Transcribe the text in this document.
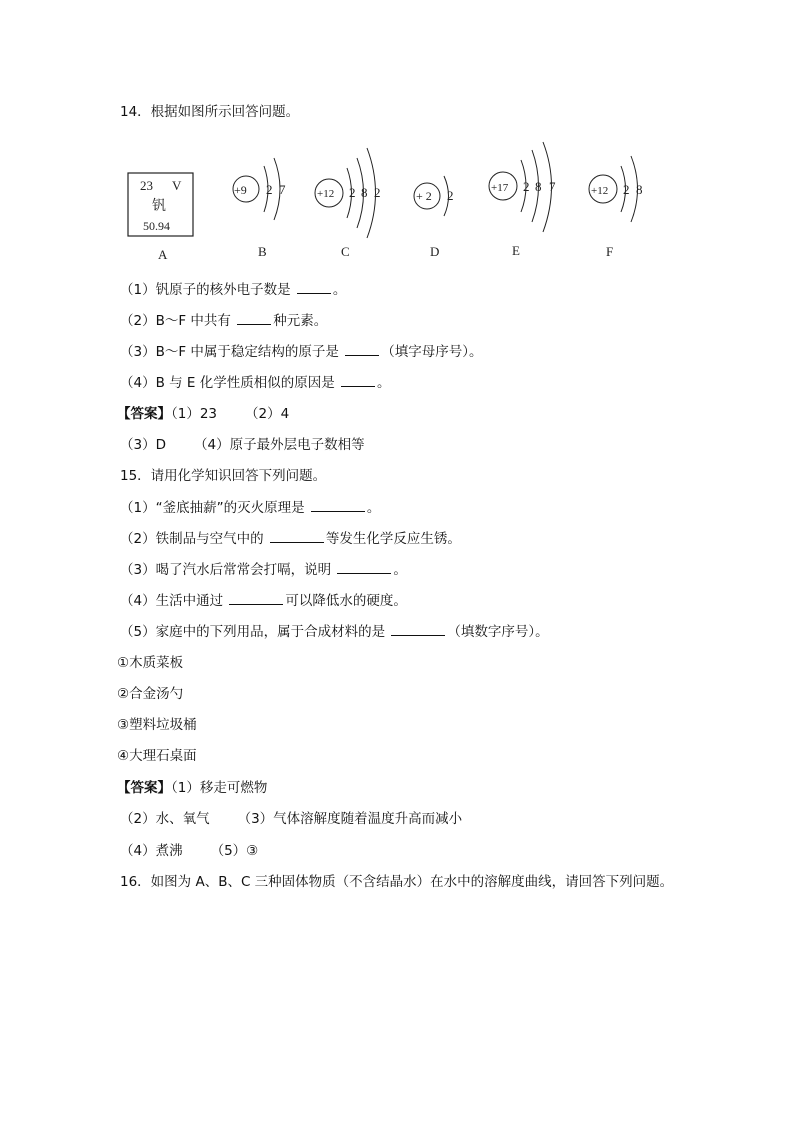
14．根据如图所示回答问题。
23 V
钒
50.94
A
+9 2 7
B
+12 2 8 2
C
+ 2 2
D
+17 2 8 7
E
+12 2 8
F
（1）钒原子的核外电子数是	。
（2）B～F 中共有	种元素。
（3）B～F 中属于稳定结构的原子是	（填字母序号）。
（4）B 与 E 化学性质相似的原因是	。
【答案】（1）23 （2）4
（3）D （4）原子最外层电子数相等
15．请用化学知识回答下列问题。
（1）“釜底抽薪”的灭火原理是	。
（2）铁制品与空气中的	等发生化学反应生锈。
（3）喝了汽水后常常会打嗝，说明	。
（4）生活中通过	可以降低水的硬度。
（5）家庭中的下列用品，属于合成材料的是	（填数字序号）。
①木质菜板
②合金汤勺
③塑料垃圾桶
④大理石桌面
【答案】（1）移走可燃物
（2）水、氧气 （3）气体溶解度随着温度升高而减小
（4）煮沸 （5）③
16．如图为 A、B、C 三种固体物质（不含结晶水）在水中的溶解度曲线，请回答下列问题。
